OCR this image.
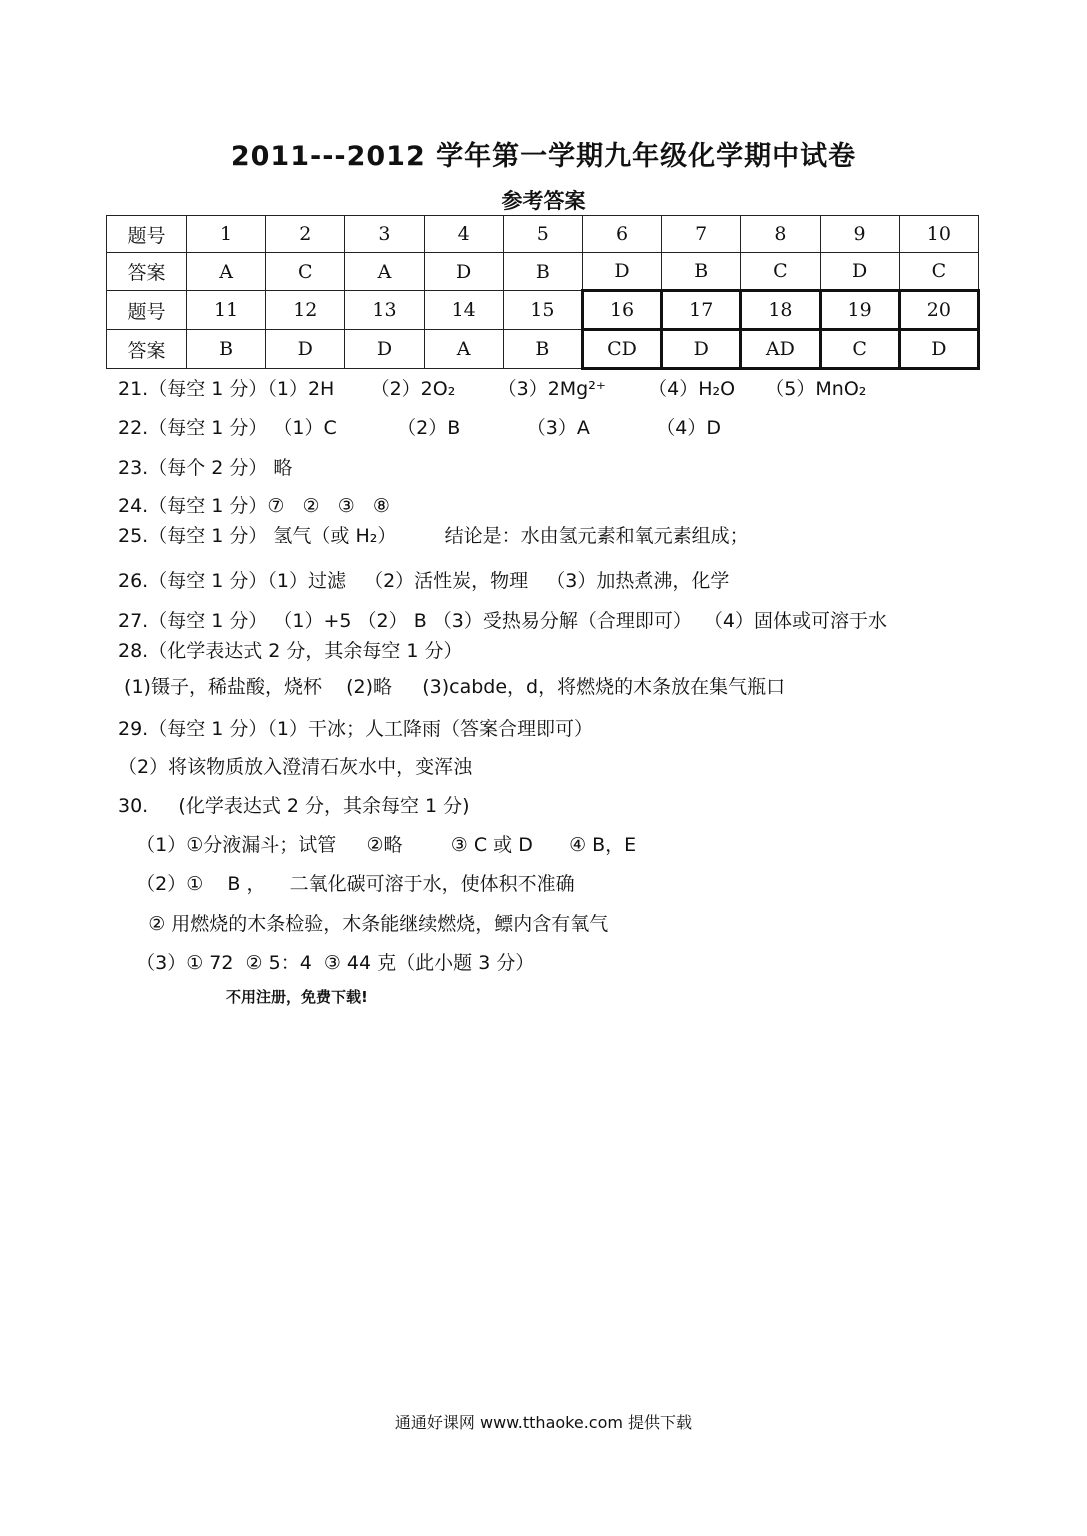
2011---2012 学年第一学期九年级化学期中试卷
参考答案
题号	1	2	3	4	5	6	7	8	9	10
答案	A	C	A	D	B	D	B	C	D	C
题号	11	12	13	14	15	16	17	18	19	20
答案	B	D	D	A	B	CD	D	AD	C	D
21.（每空 1 分）（1）2H      （2）2O₂       （3）2Mg²⁺       （4）H₂O     （5）MnO₂
22.（每空 1 分） （1）C          （2）B           （3）A           （4）D
23.（每个 2 分） 略
24.（每空 1 分）⑦   ②   ③   ⑧
25.（每空 1 分） 氢气（或 H₂）        结论是：水由氢元素和氧元素组成；
26.（每空 1 分）（1）过滤   （2）活性炭，物理   （3）加热煮沸，化学
27.（每空 1 分） （1）+5 （2） B （3）受热易分解（合理即可）  （4）固体或可溶于水
28.（化学表达式 2 分，其余每空 1 分）
(1)镊子，稀盐酸，烧杯    (2)略     (3)cabde，d，将燃烧的木条放在集气瓶口
29.（每空 1 分）（1）干冰；人工降雨（答案合理即可）
（2）将该物质放入澄清石灰水中，变浑浊
30.     (化学表达式 2 分，其余每空 1 分)
（1）①分液漏斗；试管     ②略        ③ C 或 D      ④ B，E
（2）①    B ，    二氧化碳可溶于水，使体积不准确
② 用燃烧的木条检验，木条能继续燃烧，鳔内含有氧气
（3）① 72  ② 5：4  ③ 44 克（此小题 3 分）
不用注册，免费下载!
通通好课网 www.tthaoke.com 提供下载
